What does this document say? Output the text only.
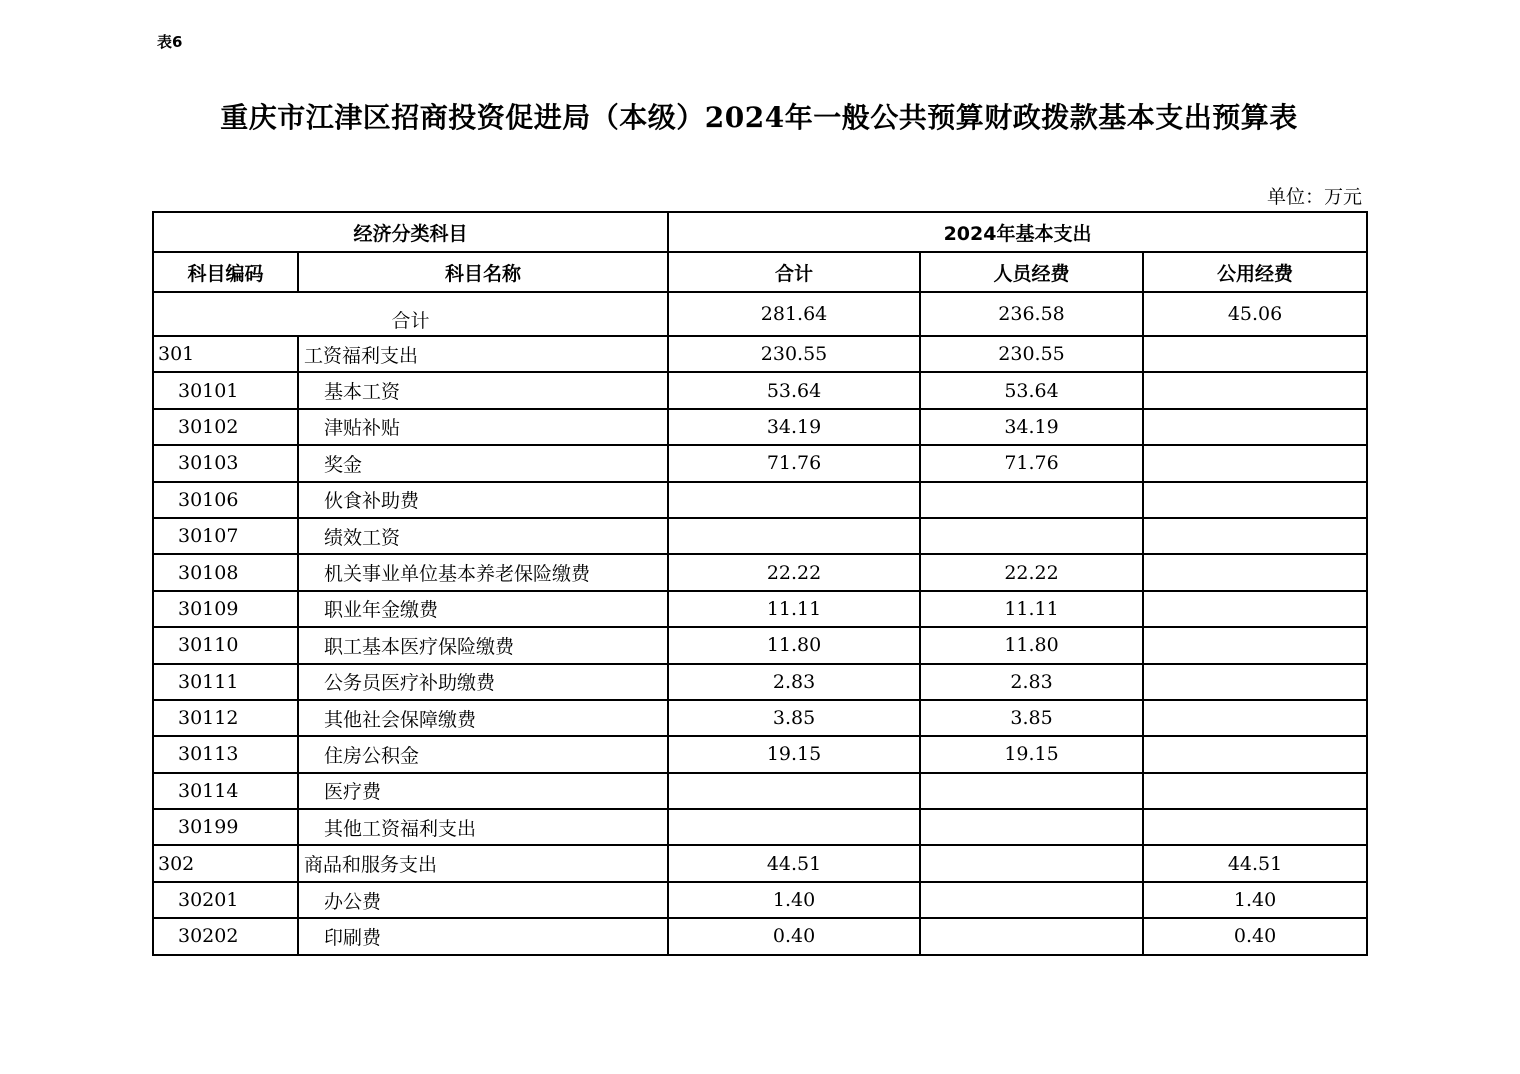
表6
重庆市江津区招商投资促进局（本级）2024年一般公共预算财政拨款基本支出预算表
单位：万元
经济分类科目		2024年基本支出		
科目编码	科目名称	合计	人员经费	公用经费
合计		281.64	236.58	45.06
301	工资福利支出	230.55	230.55	
30101	基本工资	53.64	53.64	
30102	津贴补贴	34.19	34.19	
30103	奖金	71.76	71.76	
30106	伙食补助费			
30107	绩效工资			
30108	机关事业单位基本养老保险缴费	22.22	22.22	
30109	职业年金缴费	11.11	11.11	
30110	职工基本医疗保险缴费	11.80	11.80	
30111	公务员医疗补助缴费	2.83	2.83	
30112	其他社会保障缴费	3.85	3.85	
30113	住房公积金	19.15	19.15	
30114	医疗费			
30199	其他工资福利支出			
302	商品和服务支出	44.51		44.51
30201	办公费	1.40		1.40
30202	印刷费	0.40		0.40
